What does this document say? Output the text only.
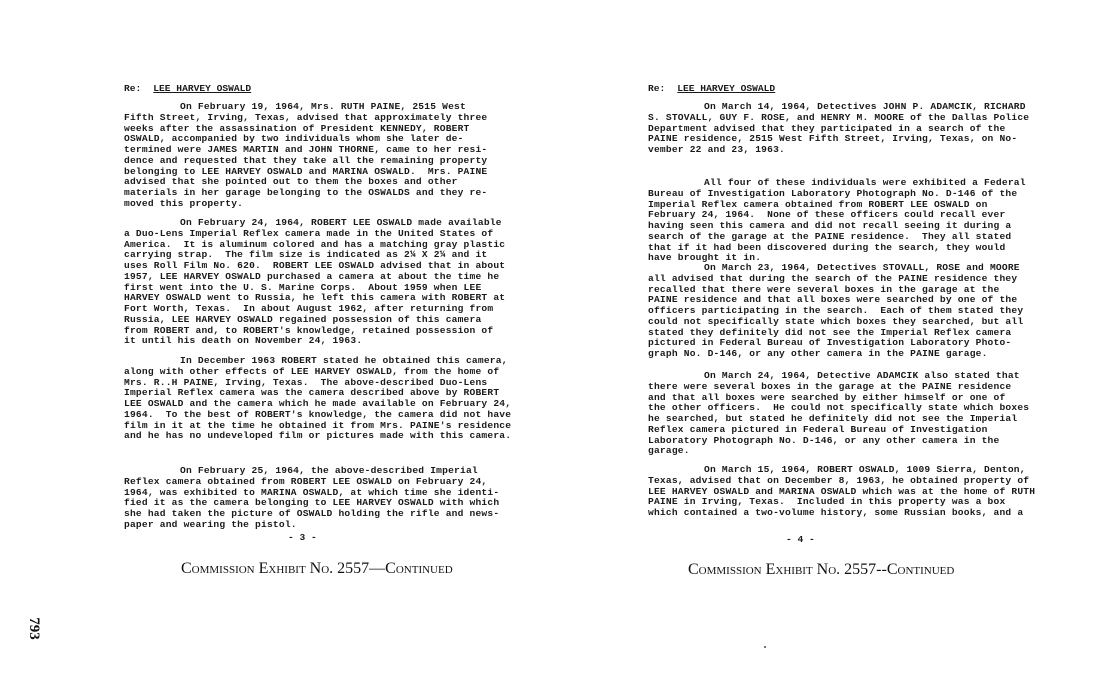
Re: LEE HARVEY OSWALD
On February 19, 1964, Mrs. RUTH PAINE, 2515 West
Fifth Street, Irving, Texas, advised that approximately three
weeks after the assassination of President KENNEDY, ROBERT
OSWALD, accompanied by two individuals whom she later de-
termined were JAMES MARTIN and JOHN THORNE, came to her resi-
dence and requested that they take all the remaining property
belonging to LEE HARVEY OSWALD and MARINA OSWALD.  Mrs. PAINE
advised that she pointed out to them the boxes and other
materials in her garage belonging to the OSWALDS and they re-
moved this property.
On February 24, 1964, ROBERT LEE OSWALD made available
a Duo-Lens Imperial Reflex camera made in the United States of
America.  It is aluminum colored and has a matching gray plastic
carrying strap.  The film size is indicated as 2¼ X 2¼ and it
uses Roll Film No. 620.  ROBERT LEE OSWALD advised that in about
1957, LEE HARVEY OSWALD purchased a camera at about the time he
first went into the U. S. Marine Corps.  About 1959 when LEE
HARVEY OSWALD went to Russia, he left this camera with ROBERT at
Fort Worth, Texas.  In about August 1962, after returning from
Russia, LEE HARVEY OSWALD regained possession of this camera
from ROBERT and, to ROBERT's knowledge, retained possession of
it until his death on November 24, 1963.
In December 1963 ROBERT stated he obtained this camera,
along with other effects of LEE HARVEY OSWALD, from the home of
Mrs. R..H PAINE, Irving, Texas.  The above-described Duo-Lens
Imperial Reflex camera was the camera described above by ROBERT
LEE OSWALD and the camera which he made available on February 24,
1964.  To the best of ROBERT's knowledge, the camera did not have
film in it at the time he obtained it from Mrs. PAINE's residence
and he has no undeveloped film or pictures made with this camera.
On February 25, 1964, the above-described Imperial
Reflex camera obtained from ROBERT LEE OSWALD on February 24,
1964, was exhibited to MARINA OSWALD, at which time she identi-
fied it as the camera belonging to LEE HARVEY OSWALD with which
she had taken the picture of OSWALD holding the rifle and news-
paper and wearing the pistol.
- 3 -
Commission Exhibit No. 2557—Continued
Re: LEE HARVEY OSWALD
On March 14, 1964, Detectives JOHN P. ADAMCIK, RICHARD
S. STOVALL, GUY F. ROSE, and HENRY M. MOORE of the Dallas Police
Department advised that they participated in a search of the
PAINE residence, 2515 West Fifth Street, Irving, Texas, on No-
vember 22 and 23, 1963.
All four of these individuals were exhibited a Federal
Bureau of Investigation Laboratory Photograph No. D-146 of the
Imperial Reflex camera obtained from ROBERT LEE OSWALD on
February 24, 1964.  None of these officers could recall ever
having seen this camera and did not recall seeing it during a
search of the garage at the PAINE residence.  They all stated
that if it had been discovered during the search, they would
have brought it in.
On March 23, 1964, Detectives STOVALL, ROSE and MOORE
all advised that during the search of the PAINE residence they
recalled that there were several boxes in the garage at the
PAINE residence and that all boxes were searched by one of the
officers participating in the search.  Each of them stated they
could not specifically state which boxes they searched, but all
stated they definitely did not see the Imperial Reflex camera
pictured in Federal Bureau of Investigation Laboratory Photo-
graph No. D-146, or any other camera in the PAINE garage.
On March 24, 1964, Detective ADAMCIK also stated that
there were several boxes in the garage at the PAINE residence
and that all boxes were searched by either himself or one of
the other officers.  He could not specifically state which boxes
he searched, but stated he definitely did not see the Imperial
Reflex camera pictured in Federal Bureau of Investigation
Laboratory Photograph No. D-146, or any other camera in the
garage.
On March 15, 1964, ROBERT OSWALD, 1009 Sierra, Denton,
Texas, advised that on December 8, 1963, he obtained property of
LEE HARVEY OSWALD and MARINA OSWALD which was at the home of RUTH
PAINE in Irving, Texas.  Included in this property was a box
which contained a two-volume history, some Russian books, and a
- 4 -
Commission Exhibit No. 2557--Continued
793
